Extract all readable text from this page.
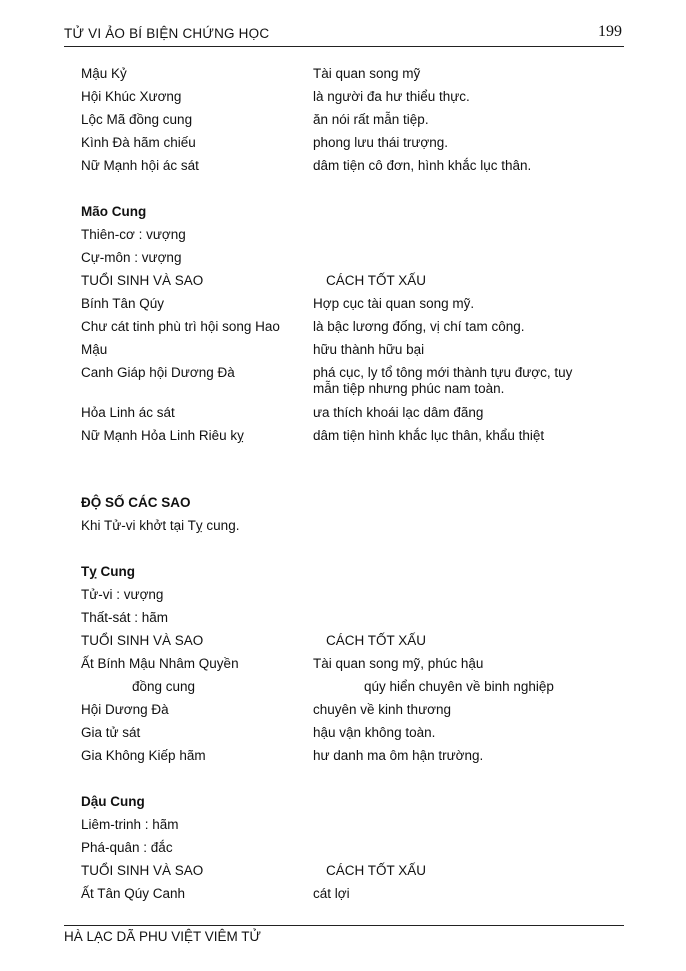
TỬ VI ẢO BÍ BIỆN CHỨNG HỌC	199
Mậu Kỷ	Tài quan song mỹ
Hội Khúc Xương	là người đa hư thiểu thực.
Lộc Mã đồng cung	ăn nói rất mẫn tiệp.
Kình Đà hãm chiếu	phong lưu thái trượng.
Nữ Mạnh hội ác sát	dâm tiện cô đơn, hình khắc lục thân.
Mão Cung
Thiên-cơ : vượng
Cự-môn : vượng
TUỔI SINH VÀ SAO	CÁCH TỐT XẤU
Bính Tân Qúy	Hợp cục tài quan song mỹ.
Chư cát tinh phù trì hội song Hao	là bậc lương đống, vị chí tam công.
Mậu	hữu thành hữu bại
Canh Giáp hội Dương Đà	phá cục, ly tổ tông mới thành tựu được, tuy
mẫn tiệp nhưng phúc nam toàn.
Hỏa Linh ác sát	ưa thích khoái lạc dâm đãng
Nữ Mạnh Hỏa Linh Riêu kỵ	dâm tiện hình khắc lục thân, khẩu thiệt
ĐỘ SỐ CÁC SAO
Khi Tử-vi khởt tại Tỵ cung.
Tỵ Cung
Tử-vi : vượng
Thất-sát : hãm
TUỔI SINH VÀ SAO	CÁCH TỐT XẤU
Ất Bính Mậu Nhâm Quyền	Tài quan song mỹ, phúc hậu
đồng cung	qúy hiển chuyên về binh nghiệp
Hội Dương Đà	chuyên về kinh thương
Gia tử sát	hậu vận không toàn.
Gia Không Kiếp hãm	hư danh ma ôm hận trường.
Dậu Cung
Liêm-trinh : hãm
Phá-quân : đắc
TUỔI SINH VÀ SAO	CÁCH TỐT XẤU
Ất Tân Qúy Canh	cát lợi
HÀ LẠC DÃ PHU VIỆT VIÊM TỬ
